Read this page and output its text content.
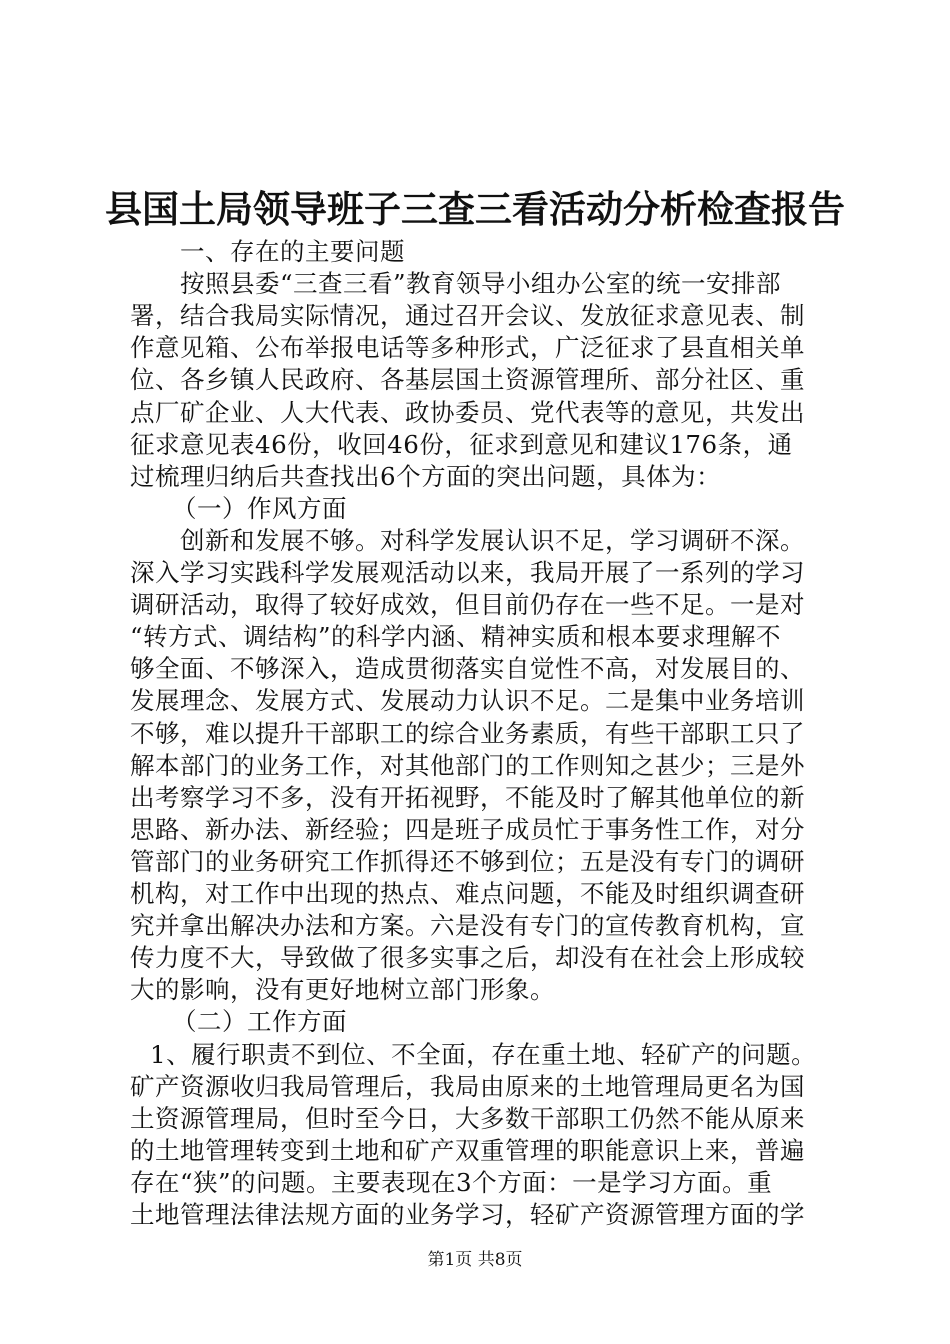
县国土局领导班子三查三看活动分析检查报告
一、存在的主要问题
按照县委“三查三看”教育领导小组办公室的统一安排部
署，结合我局实际情况，通过召开会议、发放征求意见表、制
作意见箱、公布举报电话等多种形式，广泛征求了县直相关单
位、各乡镇人民政府、各基层国土资源管理所、部分社区、重
点厂矿企业、人大代表、政协委员、党代表等的意见，共发出
征求意见表46份，收回46份，征求到意见和建议176条，通
过梳理归纳后共查找出6个方面的突出问题，具体为：
（一）作风方面
创新和发展不够。对科学发展认识不足，学习调研不深。
深入学习实践科学发展观活动以来，我局开展了一系列的学习
调研活动，取得了较好成效，但目前仍存在一些不足。一是对
“转方式、调结构”的科学内涵、精神实质和根本要求理解不
够全面、不够深入，造成贯彻落实自觉性不高，对发展目的、
发展理念、发展方式、发展动力认识不足。二是集中业务培训
不够，难以提升干部职工的综合业务素质，有些干部职工只了
解本部门的业务工作，对其他部门的工作则知之甚少；三是外
出考察学习不多，没有开拓视野，不能及时了解其他单位的新
思路、新办法、新经验；四是班子成员忙于事务性工作，对分
管部门的业务研究工作抓得还不够到位；五是没有专门的调研
机构，对工作中出现的热点、难点问题，不能及时组织调查研
究并拿出解决办法和方案。六是没有专门的宣传教育机构，宣
传力度不大，导致做了很多实事之后，却没有在社会上形成较
大的影响，没有更好地树立部门形象。
（二）工作方面
1、履行职责不到位、不全面，存在重土地、轻矿产的问题。
矿产资源收归我局管理后，我局由原来的土地管理局更名为国
土资源管理局，但时至今日，大多数干部职工仍然不能从原来
的土地管理转变到土地和矿产双重管理的职能意识上来，普遍
存在“狭”的问题。主要表现在3个方面：一是学习方面。重
土地管理法律法规方面的业务学习，轻矿产资源管理方面的学
第1页 共8页
